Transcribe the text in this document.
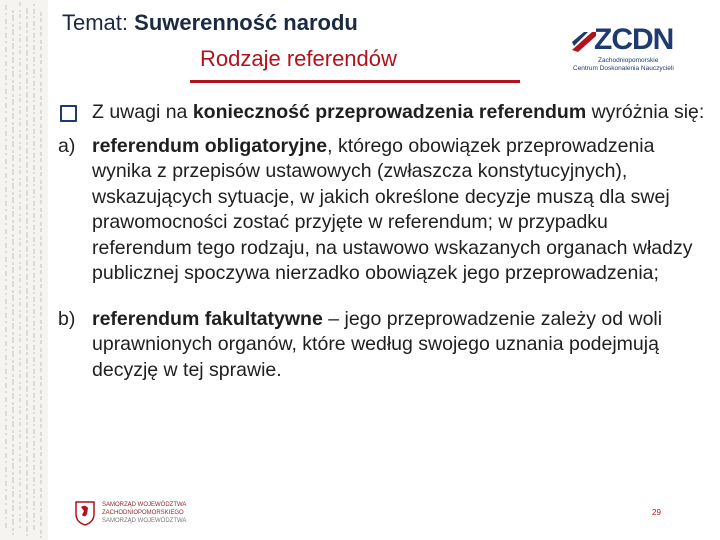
Temat: Suwerenność narodu
Rodzaje referendów
ZCDN
Zachodniopomorskie
Centrum Doskonalenia Nauczycieli
Z uwagi na konieczność przeprowadzenia referendum wyróżnia się:
a) referendum obligatoryjne, którego obowiązek przeprowadzenia wynika z przepisów ustawowych (zwłaszcza konstytucyjnych), wskazujących sytuacje, w jakich określone decyzje muszą dla swej prawomocności zostać przyjęte w referendum; w przypadku referendum tego rodzaju, na ustawowo wskazanych organach władzy publicznej spoczywa nierzadko obowiązek jego przeprowadzenia;
b) referendum fakultatywne – jego przeprowadzenie zależy od woli uprawnionych organów, które według swojego uznania podejmują decyzję w tej sprawie.
SAMORZĄD WOJEWÓDZTWA
ZACHODNIOPOMORSKIEGO
SAMORZĄD WOJEWÓDZTWA
29
